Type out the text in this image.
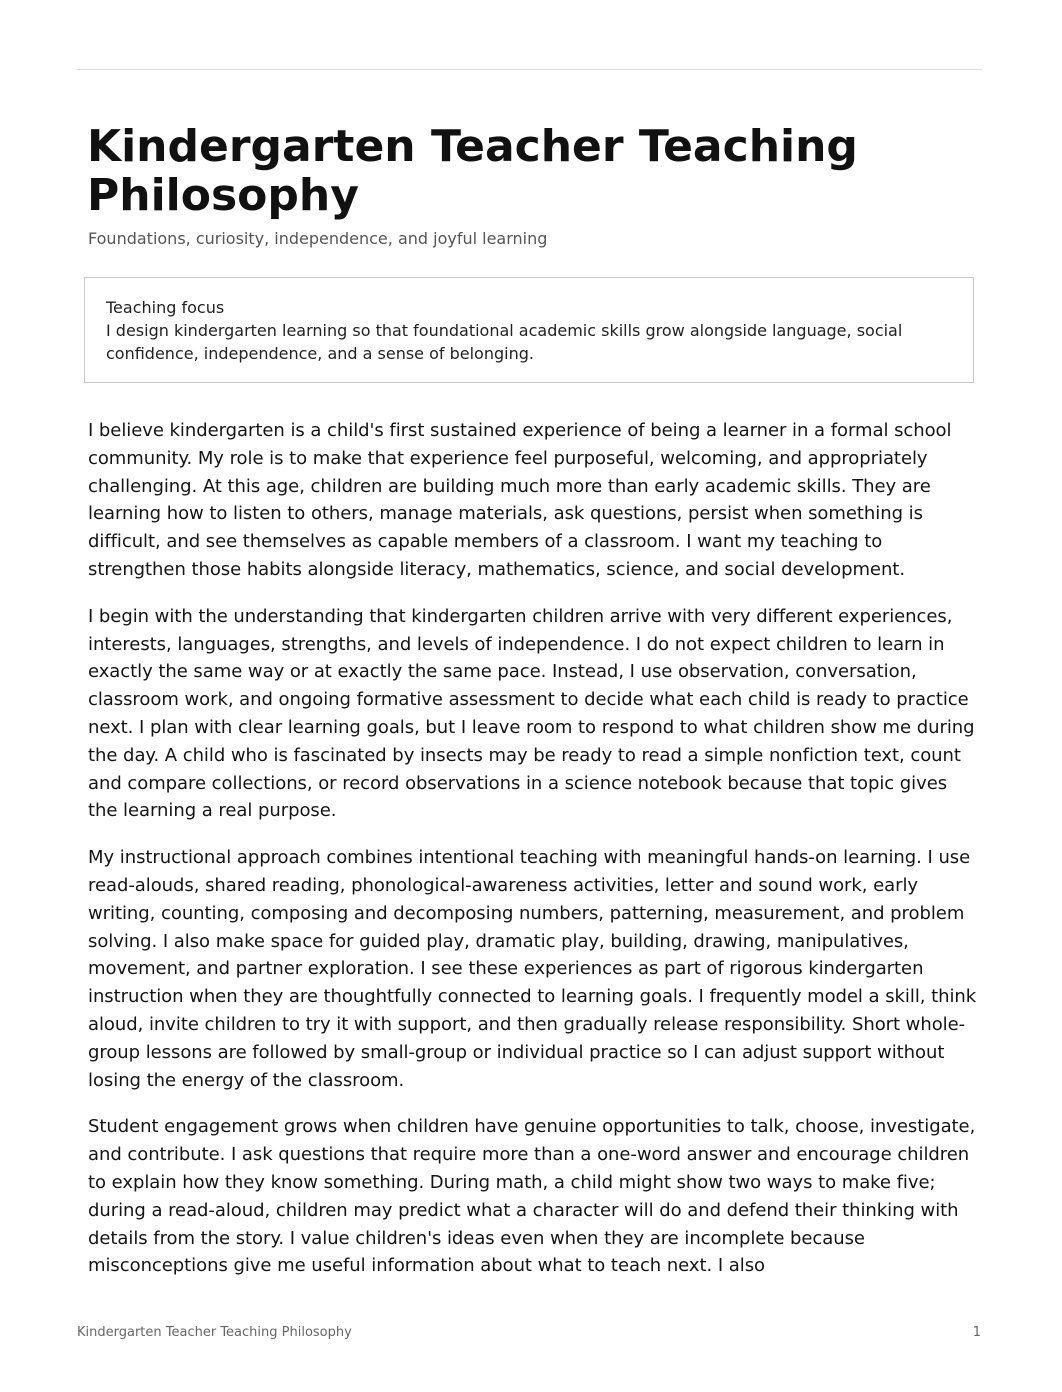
Kindergarten Teacher Teaching Philosophy

Foundations, curiosity, independence, and joyful learning

Teaching focus
I design kindergarten learning so that foundational academic skills grow alongside language, social confidence, independence, and a sense of belonging.

I believe kindergarten is a child's first sustained experience of being a learner in a formal school community. My role is to make that experience feel purposeful, welcoming, and appropriately challenging. At this age, children are building much more than early academic skills. They are learning how to listen to others, manage materials, ask questions, persist when something is difficult, and see themselves as capable members of a classroom. I want my teaching to strengthen those habits alongside literacy, mathematics, science, and social development.

I begin with the understanding that kindergarten children arrive with very different experiences, interests, languages, strengths, and levels of independence. I do not expect children to learn in exactly the same way or at exactly the same pace. Instead, I use observation, conversation, classroom work, and ongoing formative assessment to decide what each child is ready to practice next. I plan with clear learning goals, but I leave room to respond to what children show me during the day. A child who is fascinated by insects may be ready to read a simple nonfiction text, count and compare collections, or record observations in a science notebook because that topic gives the learning a real purpose.

My instructional approach combines intentional teaching with meaningful hands-on learning. I use read-alouds, shared reading, phonological-awareness activities, letter and sound work, early writing, counting, composing and decomposing numbers, patterning, measurement, and problem solving. I also make space for guided play, dramatic play, building, drawing, manipulatives, movement, and partner exploration. I see these experiences as part of rigorous kindergarten instruction when they are thoughtfully connected to learning goals. I frequently model a skill, think aloud, invite children to try it with support, and then gradually release responsibility. Short whole-group lessons are followed by small-group or individual practice so I can adjust support without losing the energy of the classroom.

Student engagement grows when children have genuine opportunities to talk, choose, investigate, and contribute. I ask questions that require more than a one-word answer and encourage children to explain how they know something. During math, a child might show two ways to make five; during a read-aloud, children may predict what a character will do and defend their thinking with details from the story. I value children's ideas even when they are incomplete because misconceptions give me useful information about what to teach next. I also

Kindergarten Teacher Teaching Philosophy	1
